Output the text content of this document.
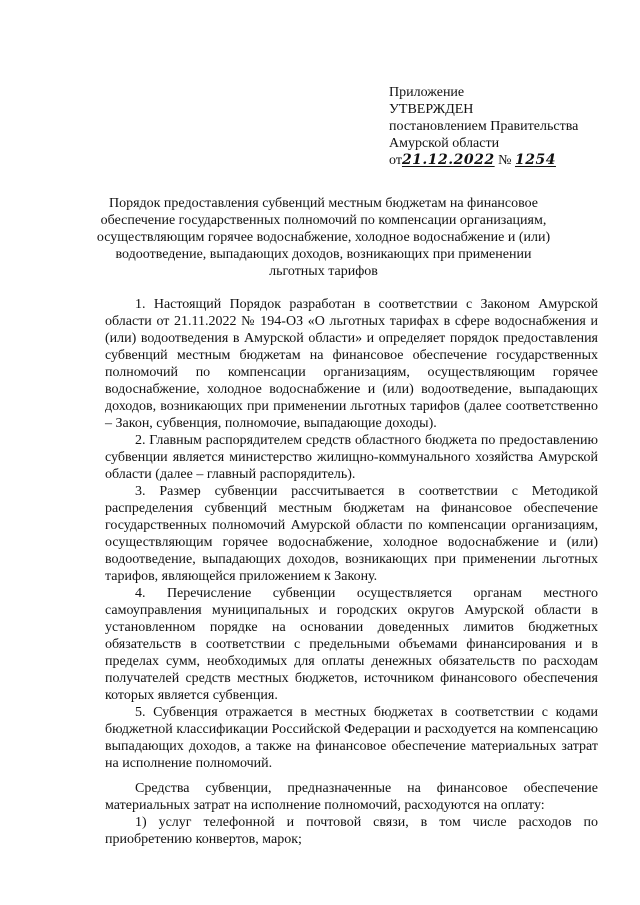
Приложение
УТВЕРЖДЕН
постановлением Правительства
Амурской области
от21.12.2022 № 1254
Порядок предоставления субвенций местным бюджетам на финансовое обеспечение государственных полномочий по компенсации организациям, осуществляющим горячее водоснабжение, холодное водоснабжение и (или) водоотведение, выпадающих доходов, возникающих при применении льготных тарифов

1. Настоящий Порядок разработан в соответствии с Законом Амурской области от 21.11.2022 № 194-ОЗ «О льготных тарифах в сфере водоснабжения и (или) водоотведения в Амурской области» и определяет порядок предоставления субвенций местным бюджетам на финансовое обеспечение государственных полномочий по компенсации организациям, осуществляющим горячее водоснабжение, холодное водоснабжение и (или) водоотведение, выпадающих доходов, возникающих при применении льготных тарифов (далее соответственно – Закон, субвенция, полномочие, выпадающие доходы).

2. Главным распорядителем средств областного бюджета по предоставлению субвенции является министерство жилищно-коммунального хозяйства Амурской области (далее – главный распорядитель).

3. Размер субвенции рассчитывается в соответствии с Методикой распределения субвенций местным бюджетам на финансовое обеспечение государственных полномочий Амурской области по компенсации организациям, осуществляющим горячее водоснабжение, холодное водоснабжение и (или) водоотведение, выпадающих доходов, возникающих при применении льготных тарифов, являющейся приложением к Закону.

4. Перечисление субвенции осуществляется органам местного самоуправления муниципальных и городских округов Амурской области в установленном порядке на основании доведенных лимитов бюджетных обязательств в соответствии с предельными объемами финансирования и в пределах сумм, необходимых для оплаты денежных обязательств по расходам получателей средств местных бюджетов, источником финансового обеспечения которых является субвенция.

5. Субвенция отражается в местных бюджетах в соответствии с кодами бюджетной классификации Российской Федерации и расходуется на компенсацию выпадающих доходов, а также на финансовое обеспечение материальных затрат на исполнение полномочий.

Средства субвенции, предназначенные на финансовое обеспечение материальных затрат на исполнение полномочий, расходуются на оплату:

1) услуг телефонной и почтовой связи, в том числе расходов по приобретению конвертов, марок;
